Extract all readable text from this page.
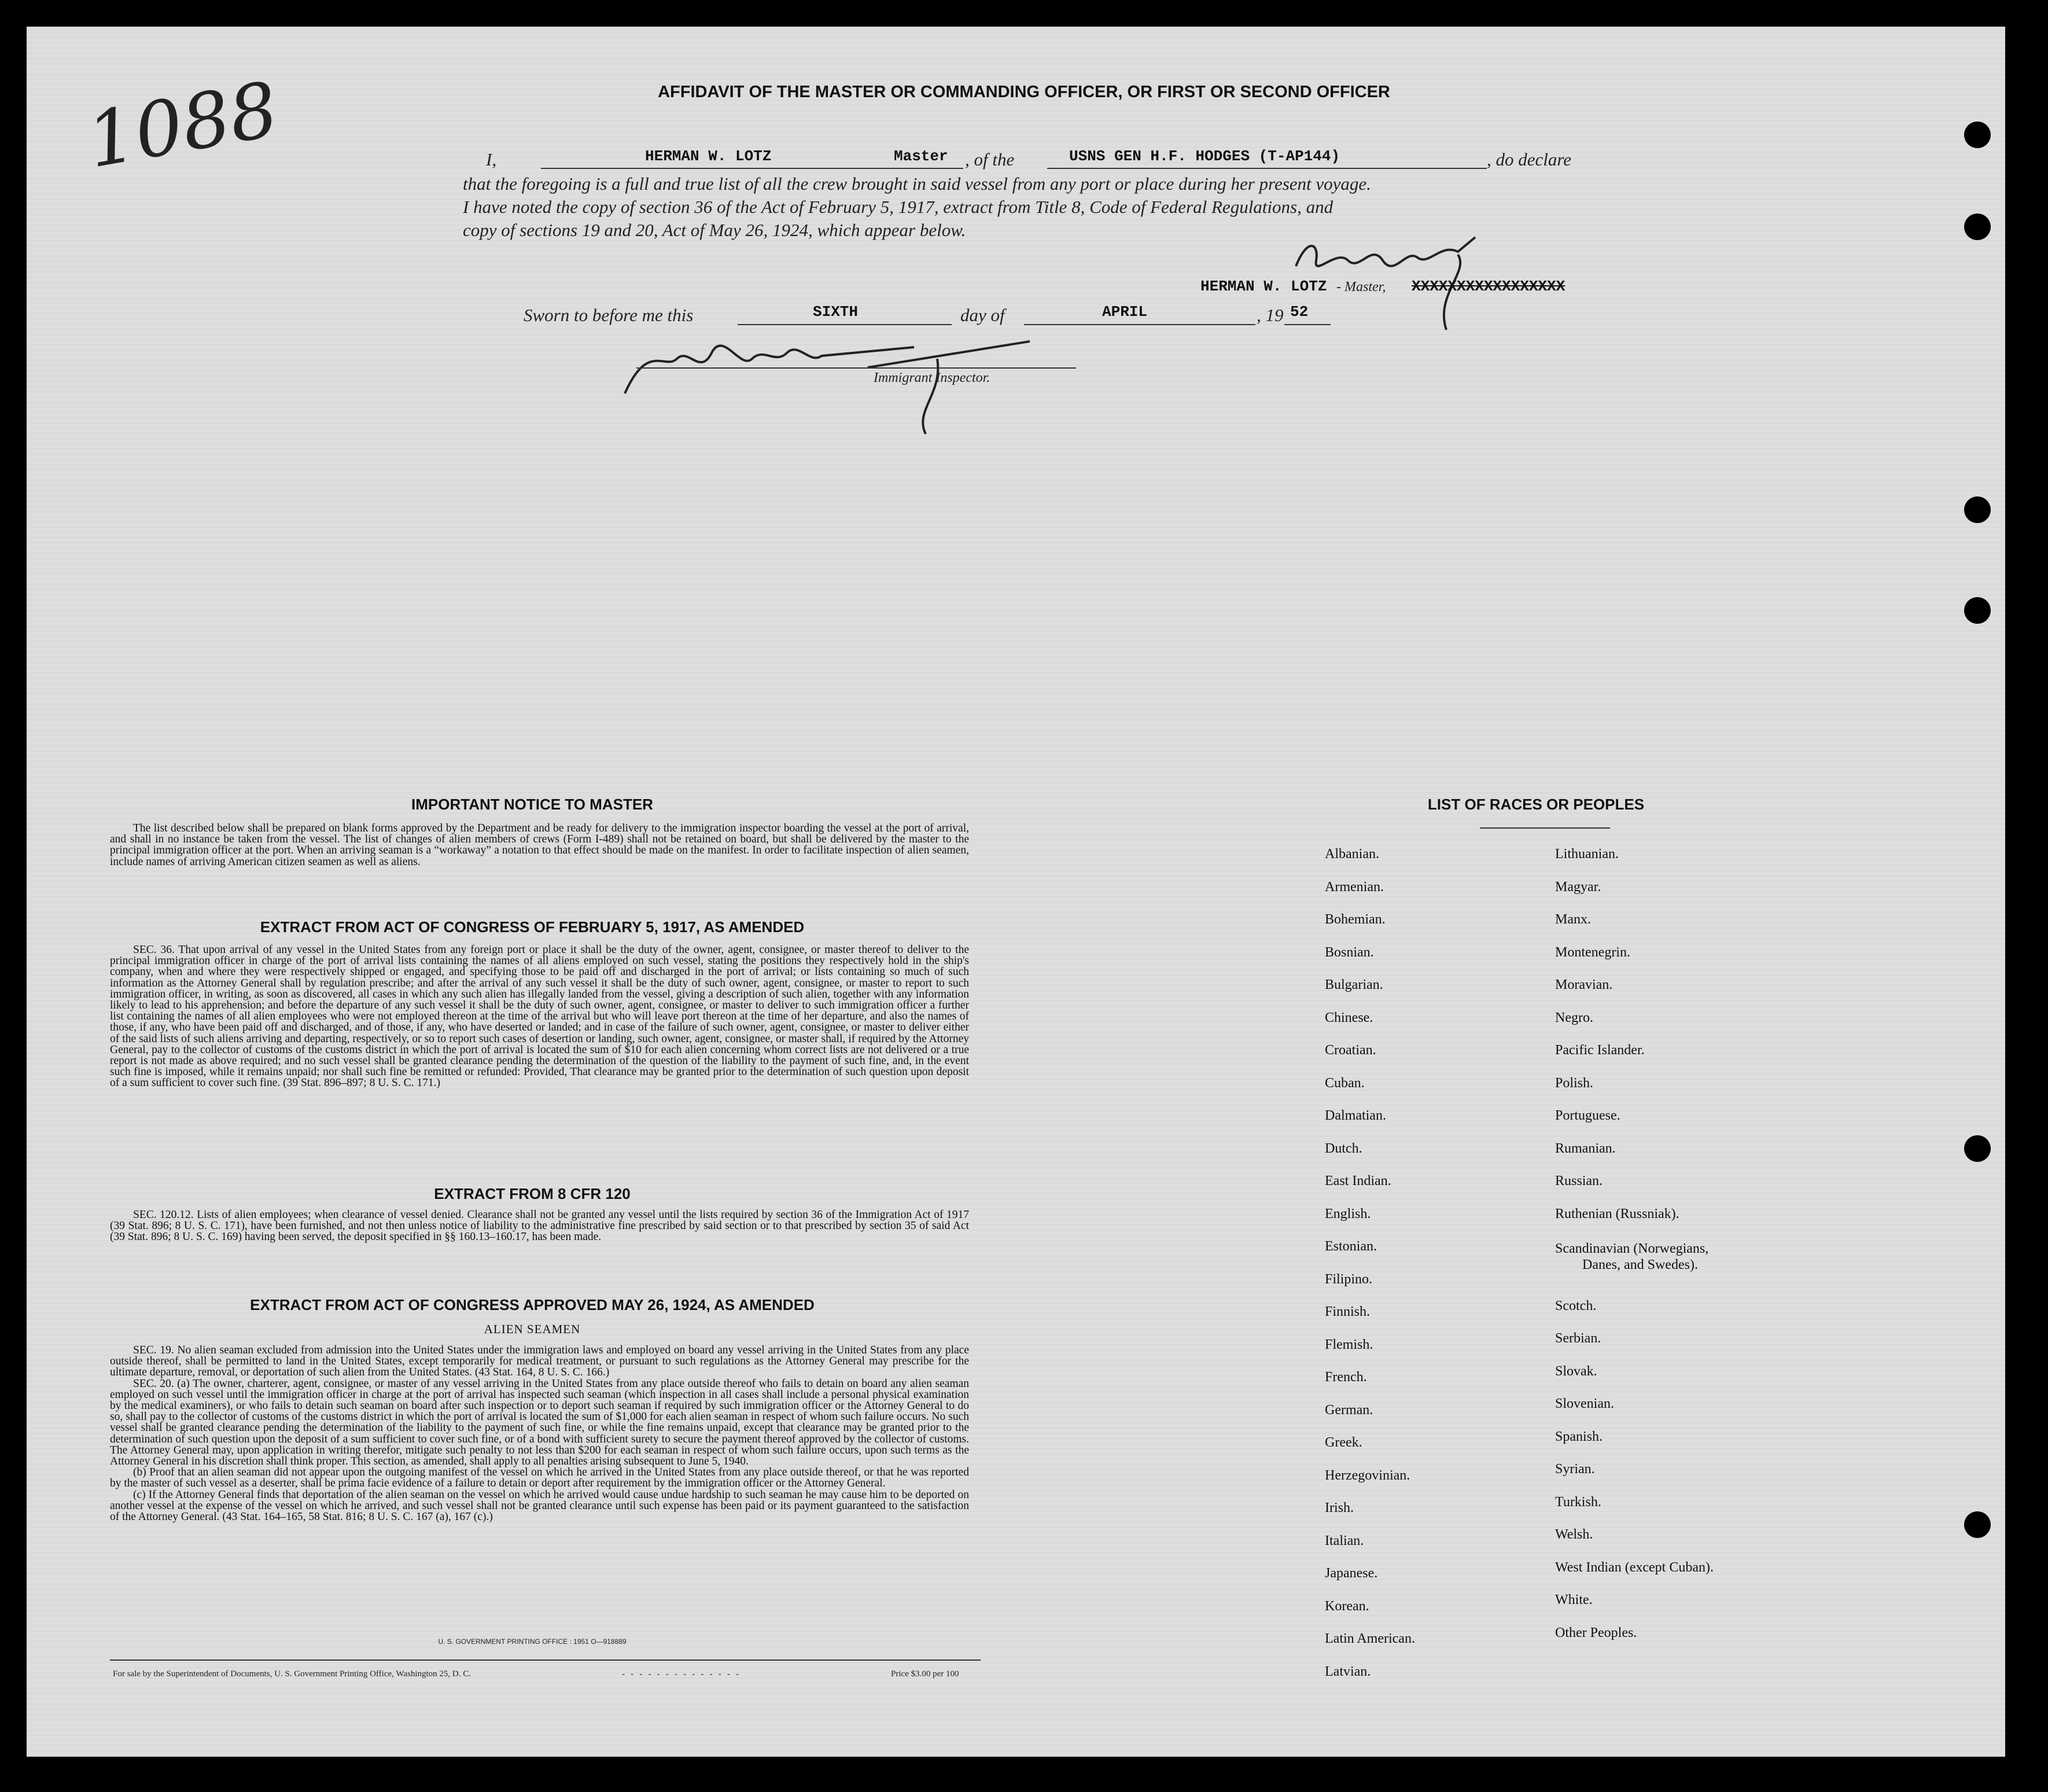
1088	AFFIDAVIT OF THE MASTER OR COMMANDING OFFICER, OR FIRST OR SECOND OFFICER
I,	HERMAN W. LOTZ	Master , of the	USNS GEN H.F. HODGES (T-AP144)	, do declare
that the foregoing is a full and true list of all the crew brought in said vessel from any port or place during her present voyage.
I have noted the copy of section 36 of the Act of February 5, 1917, extract from Title 8, Code of Federal Regulations, and
copy of sections 19 and 20, Act of May 26, 1924, which appear below.
HERMAN W. LOTZ - Master, XXXXXXXXXXXXXXXXX
Sworn to before me this	SIXTH	day of	APRIL	, 19 52
Immigrant Inspector.
IMPORTANT NOTICE TO MASTER

The list described below shall be prepared on blank forms approved by the Department and be ready for delivery to the immigration inspector boarding the vessel at the port of arrival, and shall in no instance be taken from the vessel. The list of changes of alien members of crews (Form I-489) shall not be retained on board, but shall be delivered by the master to the principal immigration officer at the port. When an arriving seaman is a “workaway” a notation to that effect should be made on the manifest. In order to facilitate inspection of alien seamen, include names of arriving American citizen seamen as well as aliens.

EXTRACT FROM ACT OF CONGRESS OF FEBRUARY 5, 1917, AS AMENDED

SEC. 36. That upon arrival of any vessel in the United States from any foreign port or place it shall be the duty of the owner, agent, consignee, or master thereof to deliver to the principal immigration officer in charge of the port of arrival lists containing the names of all aliens employed on such vessel, stating the positions they respectively hold in the ship's company, when and where they were respectively shipped or engaged, and specifying those to be paid off and discharged in the port of arrival; or lists containing so much of such information as the Attorney General shall by regulation prescribe; and after the arrival of any such vessel it shall be the duty of such owner, agent, consignee, or master to report to such immigration officer, in writing, as soon as discovered, all cases in which any such alien has illegally landed from the vessel, giving a description of such alien, together with any information likely to lead to his apprehension; and before the departure of any such vessel it shall be the duty of such owner, agent, consignee, or master to deliver to such immigration officer a further list containing the names of all alien employees who were not employed thereon at the time of the arrival but who will leave port thereon at the time of her departure, and also the names of those, if any, who have been paid off and discharged, and of those, if any, who have deserted or landed; and in case of the failure of such owner, agent, consignee, or master to deliver either of the said lists of such aliens arriving and departing, respectively, or so to report such cases of desertion or landing, such owner, agent, consignee, or master shall, if required by the Attorney General, pay to the collector of customs of the customs district in which the port of arrival is located the sum of $10 for each alien concerning whom correct lists are not delivered or a true report is not made as above required; and no such vessel shall be granted clearance pending the determination of the question of the liability to the payment of such fine, and, in the event such fine is imposed, while it remains unpaid; nor shall such fine be remitted or refunded: Provided, That clearance may be granted prior to the determination of such question upon deposit of a sum sufficient to cover such fine. (39 Stat. 896–897; 8 U. S. C. 171.)

EXTRACT FROM 8 CFR 120

SEC. 120.12. Lists of alien employees; when clearance of vessel denied. Clearance shall not be granted any vessel until the lists required by section 36 of the Immigration Act of 1917 (39 Stat. 896; 8 U. S. C. 171), have been furnished, and not then unless notice of liability to the administrative fine prescribed by said section or to that prescribed by section 35 of said Act (39 Stat. 896; 8 U. S. C. 169) having been served, the deposit specified in §§ 160.13–160.17, has been made.

EXTRACT FROM ACT OF CONGRESS APPROVED MAY 26, 1924, AS AMENDED
ALIEN SEAMEN

SEC. 19. No alien seaman excluded from admission into the United States under the immigration laws and employed on board any vessel arriving in the United States from any place outside thereof, shall be permitted to land in the United States, except temporarily for medical treatment, or pursuant to such regulations as the Attorney General may prescribe for the ultimate departure, removal, or deportation of such alien from the United States. (43 Stat. 164, 8 U. S. C. 166.)

SEC. 20. (a) The owner, charterer, agent, consignee, or master of any vessel arriving in the United States from any place outside thereof who fails to detain on board any alien seaman employed on such vessel until the immigration officer in charge at the port of arrival has inspected such seaman (which inspection in all cases shall include a personal physical examination by the medical examiners), or who fails to detain such seaman on board after such inspection or to deport such seaman if required by such immigration officer or the Attorney General to do so, shall pay to the collector of customs of the customs district in which the port of arrival is located the sum of $1,000 for each alien seaman in respect of whom such failure occurs. No such vessel shall be granted clearance pending the determination of the liability to the payment of such fine, or while the fine remains unpaid, except that clearance may be granted prior to the determination of such question upon the deposit of a sum sufficient to cover such fine, or of a bond with sufficient surety to secure the payment thereof approved by the collector of customs. The Attorney General may, upon application in writing therefor, mitigate such penalty to not less than $200 for each seaman in respect of whom such failure occurs, upon such terms as the Attorney General in his discretion shall think proper. This section, as amended, shall apply to all penalties arising subsequent to June 5, 1940.

(b) Proof that an alien seaman did not appear upon the outgoing manifest of the vessel on which he arrived in the United States from any place outside thereof, or that he was reported by the master of such vessel as a deserter, shall be prima facie evidence of a failure to detain or deport after requirement by the immigration officer or the Attorney General.

(c) If the Attorney General finds that deportation of the alien seaman on the vessel on which he arrived would cause undue hardship to such seaman he may cause him to be deported on another vessel at the expense of the vessel on which he arrived, and such vessel shall not be granted clearance until such expense has been paid or its payment guaranteed to the satisfaction of the Attorney General. (43 Stat. 164–165, 58 Stat. 816; 8 U. S. C. 167 (a), 167 (c).)

U. S. GOVERNMENT PRINTING OFFICE : 1951 O—918889
For sale by the Superintendent of Documents, U. S. Government Printing Office, Washington 25, D. C.	- - - - - - - - - - - - - -	Price $3.00 per 100
LIST OF RACES OR PEOPLES
Albanian.
Armenian.
Bohemian.
Bosnian.
Bulgarian.
Chinese.
Croatian.
Cuban.
Dalmatian.
Dutch.
East Indian.
English.
Estonian.
Filipino.
Finnish.
Flemish.
French.
German.
Greek.
Herzegovinian.
Irish.
Italian.
Japanese.
Korean.
Latin American.
Latvian.
Lithuanian.
Magyar.
Manx.
Montenegrin.
Moravian.
Negro.
Pacific Islander.
Polish.
Portuguese.
Rumanian.
Russian.
Ruthenian (Russniak).
Scandinavian (Norwegians,
Danes, and Swedes).
Scotch.
Serbian.
Slovak.
Slovenian.
Spanish.
Syrian.
Turkish.
Welsh.
West Indian (except Cuban).
White.
Other Peoples.
